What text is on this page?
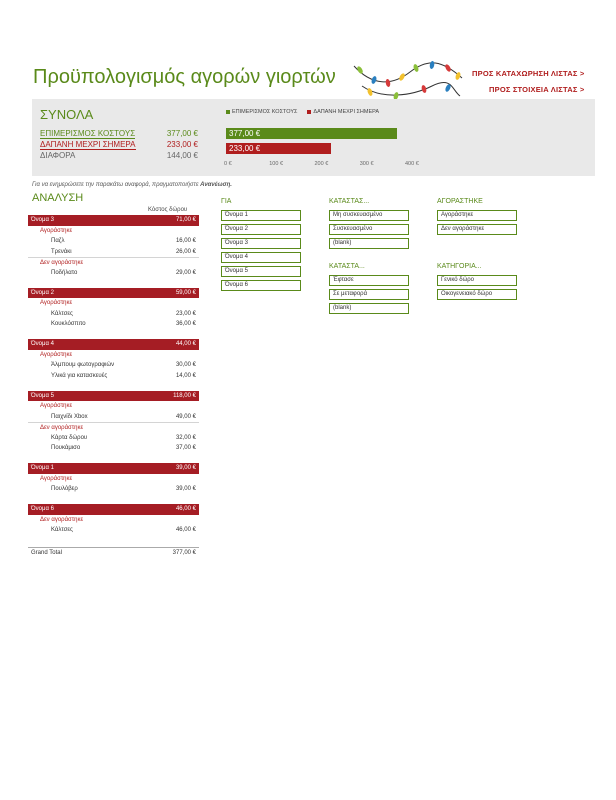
Προϋπολογισμός αγορών γιορτών	ΠΡΟΣ ΚΑΤΑΧΩΡΗΣΗ ΛΙΣΤΑΣ >
ΠΡΟΣ ΣΤΟΙΧΕΙΑ ΛΙΣΤΑΣ >
ΣΥΝΟΛΑ
ΕΠΙΜΕΡΙΣΜΟΣ ΚΟΣΤΟΥΣ	377,00 €
ΔΑΠΑΝΗ ΜΕΧΡΙ ΣΗΜΕΡΑ	233,00 €
ΔΙΑΦΟΡΑ	144,00 €
ΕΠΙΜΕΡΙΣΜΟΣ ΚΟΣΤΟΥΣ	ΔΑΠΑΝΗ ΜΕΧΡΙ ΣΗΜΕΡΑ
377,00 €
233,00 €
0 €	100 €	200 €	300 €	400 €
Για να ενημερώσετε την παρακάτω αναφορά, πραγματοποιήστε Ανανέωση.
ΑΝΑΛΥΣΗ
Κόστος δώρου
Όνομα 3	71,00 €
Αγοράστηκε
Παζλ	16,00 €
Τρενάκι	26,00 €
Δεν αγοράστηκε
Ποδήλατο	29,00 €
Όνομα 2	59,00 €
Αγοράστηκε
Κάλτσες	23,00 €
Κουκλόσπιτο	36,00 €
Όνομα 4	44,00 €
Αγοράστηκε
Άλμπουμ φωτογραφιών	30,00 €
Υλικά για κατασκευές	14,00 €
Όνομα 5	118,00 €
Αγοράστηκε
Παιχνίδι Xbox	49,00 €
Δεν αγοράστηκε
Κάρτα δώρου	32,00 €
Πουκάμισο	37,00 €
Όνομα 1	39,00 €
Αγοράστηκε
Πουλόβερ	39,00 €
Όνομα 6	46,00 €
Δεν αγοράστηκε
Κάλτσες	46,00 €
Grand Total	377,00 €
ΓΙΑ
Όνομα 1
Όνομα 2
Όνομα 3
Όνομα 4
Όνομα 5
Όνομα 6
ΚΑΤΑΣΤΑΣ...
Μη συσκευασμένο
Συσκευασμένο
(blank)
ΚΑΤΑΣΤΑ...
Έφτασε
Σε μεταφορά
(blank)
ΑΓΟΡΑΣΤΗΚΕ
Αγοράστηκε
Δεν αγοράστηκε
ΚΑΤΗΓΟΡΙΑ...
Γενικό δώρο
Οικογενειακό δώρο
